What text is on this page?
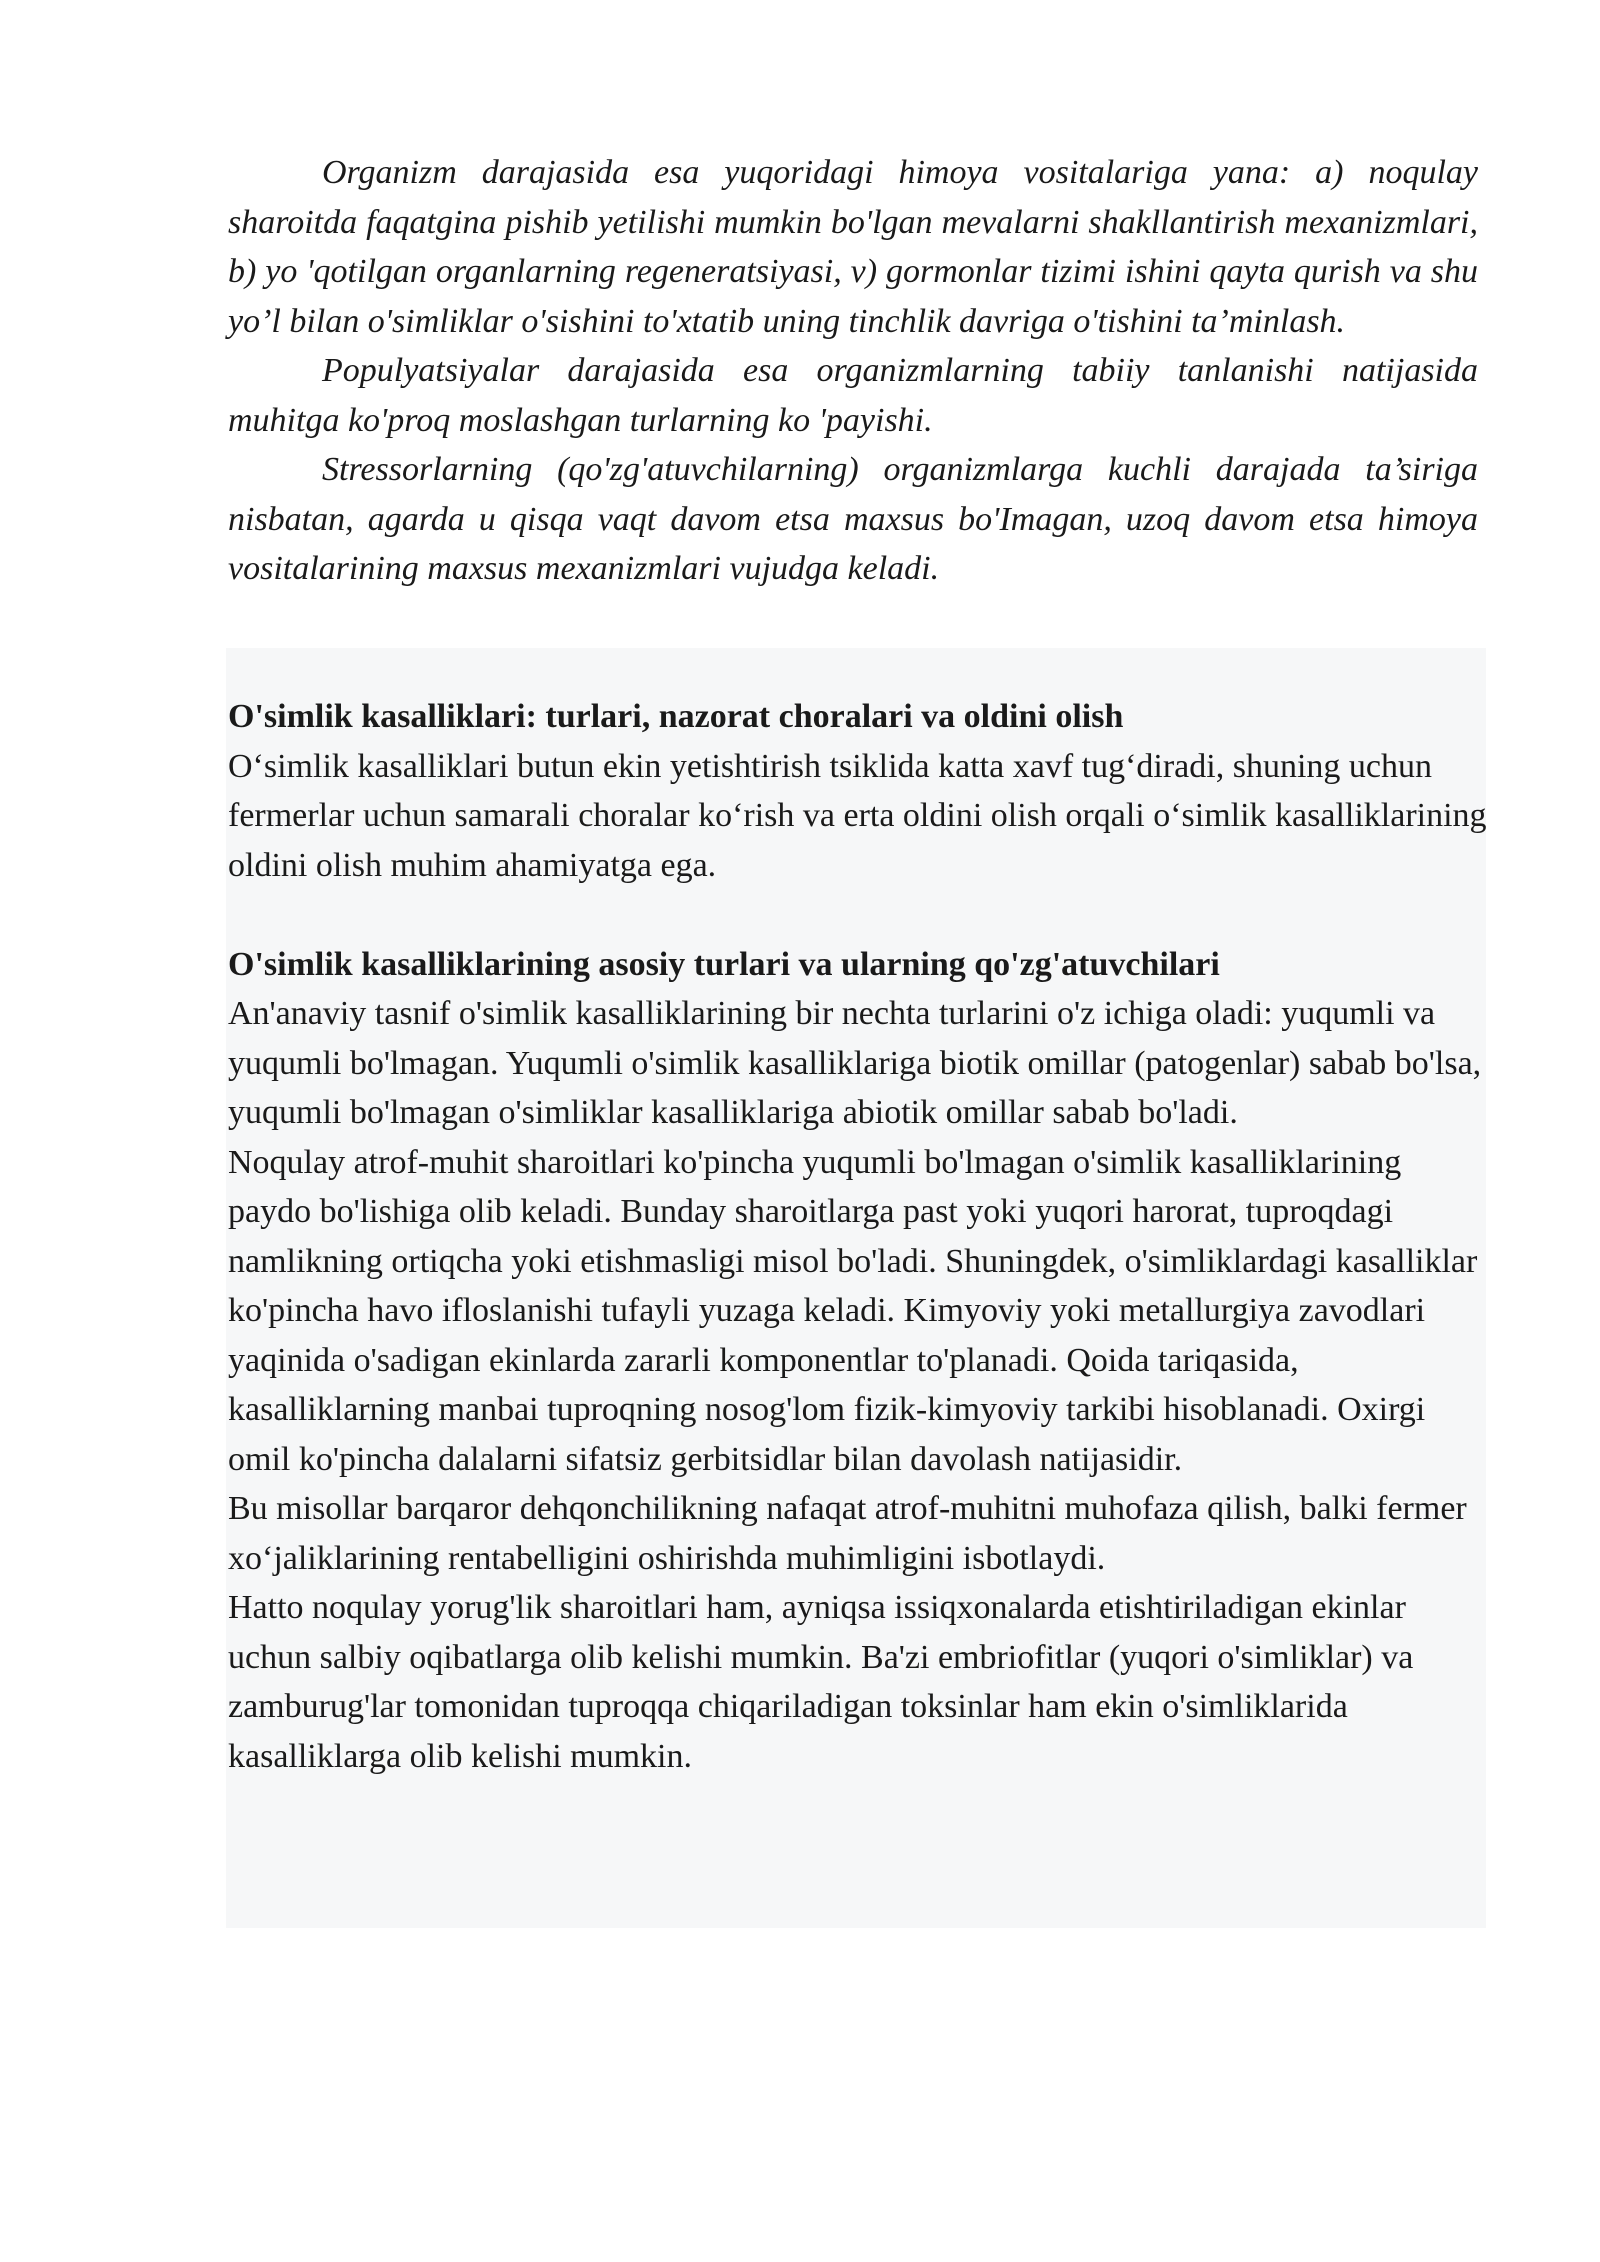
Organizm darajasida esa yuqoridagi himoya vositalariga yana: a) noqulay sharoitda faqatgina pishib yetilishi mumkin bo'lgan mevalarni shakllantirish mexanizmlari, b) yo 'qotilgan organlarning regeneratsiyasi, v) gormonlar tizimi ishini qayta qurish va shu yo’l bilan o'simliklar o'sishini to'xtatib uning tinchlik davriga o'tishini ta’minlash.

Populyatsiyalar darajasida esa organizmlarning tabiiy tanlanishi natijasida muhitga ko'proq moslashgan turlarning ko 'payishi.

Stressorlarning (qo'zg'atuvchilarning) organizmlarga kuchli darajada ta’siriga nisbatan, agarda u qisqa vaqt davom etsa maxsus bo'Imagan, uzoq davom etsa himoya vositalarining maxsus mexanizmlari vujudga keladi.

O'simlik kasalliklari: turlari, nazorat choralari va oldini olish

O‘simlik kasalliklari butun ekin yetishtirish tsiklida katta xavf tug‘diradi, shuning uchun fermerlar uchun samarali choralar ko‘rish va erta oldini olish orqali o‘simlik kasalliklarining oldini olish muhim ahamiyatga ega.

O'simlik kasalliklarining asosiy turlari va ularning qo'zg'atuvchilari

An'anaviy tasnif o'simlik kasalliklarining bir nechta turlarini o'z ichiga oladi: yuqumli va yuqumli bo'lmagan. Yuqumli o'simlik kasalliklariga biotik omillar (patogenlar) sabab bo'lsa, yuqumli bo'lmagan o'simliklar kasalliklariga abiotik omillar sabab bo'ladi.

Noqulay atrof-muhit sharoitlari ko'pincha yuqumli bo'lmagan o'simlik kasalliklarining paydo bo'lishiga olib keladi. Bunday sharoitlarga past yoki yuqori harorat, tuproqdagi namlikning ortiqcha yoki etishmasligi misol bo'ladi. Shuningdek, o'simliklardagi kasalliklar ko'pincha havo ifloslanishi tufayli yuzaga keladi. Kimyoviy yoki metallurgiya zavodlari yaqinida o'sadigan ekinlarda zararli komponentlar to'planadi. Qoida tariqasida, kasalliklarning manbai tuproqning nosog'lom fizik-kimyoviy tarkibi hisoblanadi. Oxirgi omil ko'pincha dalalarni sifatsiz gerbitsidlar bilan davolash natijasidir.

Bu misollar barqaror dehqonchilikning nafaqat atrof-muhitni muhofaza qilish, balki fermer xo‘jaliklarining rentabelligini oshirishda muhimligini isbotlaydi.

Hatto noqulay yorug'lik sharoitlari ham, ayniqsa issiqxonalarda etishtiriladigan ekinlar uchun salbiy oqibatlarga olib kelishi mumkin. Ba'zi embriofitlar (yuqori o'simliklar) va zamburug'lar tomonidan tuproqqa chiqariladigan toksinlar ham ekin o'simliklarida kasalliklarga olib kelishi mumkin.
